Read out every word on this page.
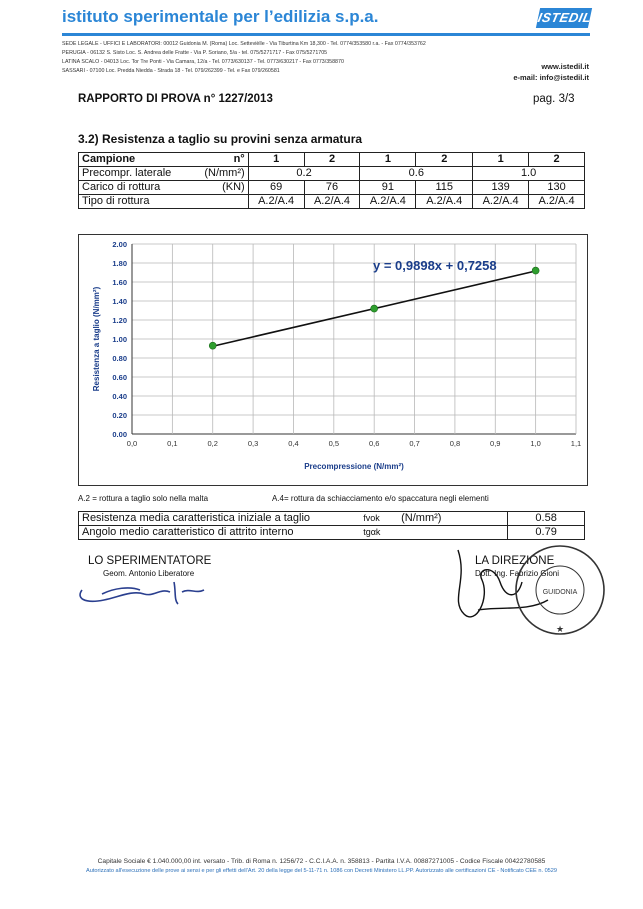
istituto sperimentale per l’edilizia s.p.a.	ISTEDIL
SEDE LEGALE - UFFICI E LABORATORI: 00012 Guidonia M. (Roma) Loc. Settevièlle - Via Tiburtina Km 18,300 - Tel. 0774/353580 r.a. - Fax 0774/353762
PERUGIA - 06132 S. Sisto Loc. S. Andrea delle Fratte - Via P. Soriano, 5/a - tel. 075/5271717 - Fax 075/5271705
LATINA SCALO - 04013 Loc. Tor Tre Ponti - Via Camara, 12/a - Tel. 0773/630137 - Tel. 0773/630217 - Fax 0773/358870
SASSARI - 07100 Loc. Predda Niedda - Strada 18 - Tel. 079/262399 - Tel. e Fax 079/260581	www.istedil.it
e-mail: info@istedil.it
RAPPORTO DI PROVA n° 1227/2013	pag. 3/3
3.2) Resistenza a taglio su provini senza armatura
Campione n°	1	2	1	2	1	2

Precompr. laterale (N/mm²)	0.2		0.6		1.0	

Carico di rottura (KN)	69	76	91	115	139	130
Tipo di rottura	A.2/A.4	A.2/A.4	A.2/A.4	A.2/A.4	A.2/A.4	A.2/A.4
0.00
0.20
0.40
0.60
0.80
1.00
1.20
1.40
1.60
1.80
2.00
0,0	0,1	0,2	0,3	0,4	0,5	0,6	0,7	0,8	0,9	1,0	1,1
y = 0,9898x + 0,7258
Precompressione (N/mm²)
Resistenza a taglio (N/mm²)
A.2 = rottura a taglio solo nella malta	A.4= rottura da schiacciamento e/o spaccatura negli elementi
Resistenza media caratteristica iniziale a taglio	fvok	(N/mm²)	0.58
Angolo medio caratteristico di attrito interno	tgαk		0.79
LO SPERIMENTATORE
Geom. Antonio Liberatore
LA DIREZIONE
Dott. Ing. Fabrizio Gioni
GUIDONIA
★
Capitale Sociale € 1.040.000,00 int. versato - Trib. di Roma n. 1256/72 - C.C.I.A.A. n. 358813 - Partita I.V.A. 00887271005 - Codice Fiscale 00422780585
Autorizzato all'esecuzione delle prove ai sensi e per gli effetti dell'Art. 20 della legge del 5-11-71 n. 1086 con Decreti Ministero LL.PP. Autorizzato alle certificazioni CE - Notificato CEE n. 0529
